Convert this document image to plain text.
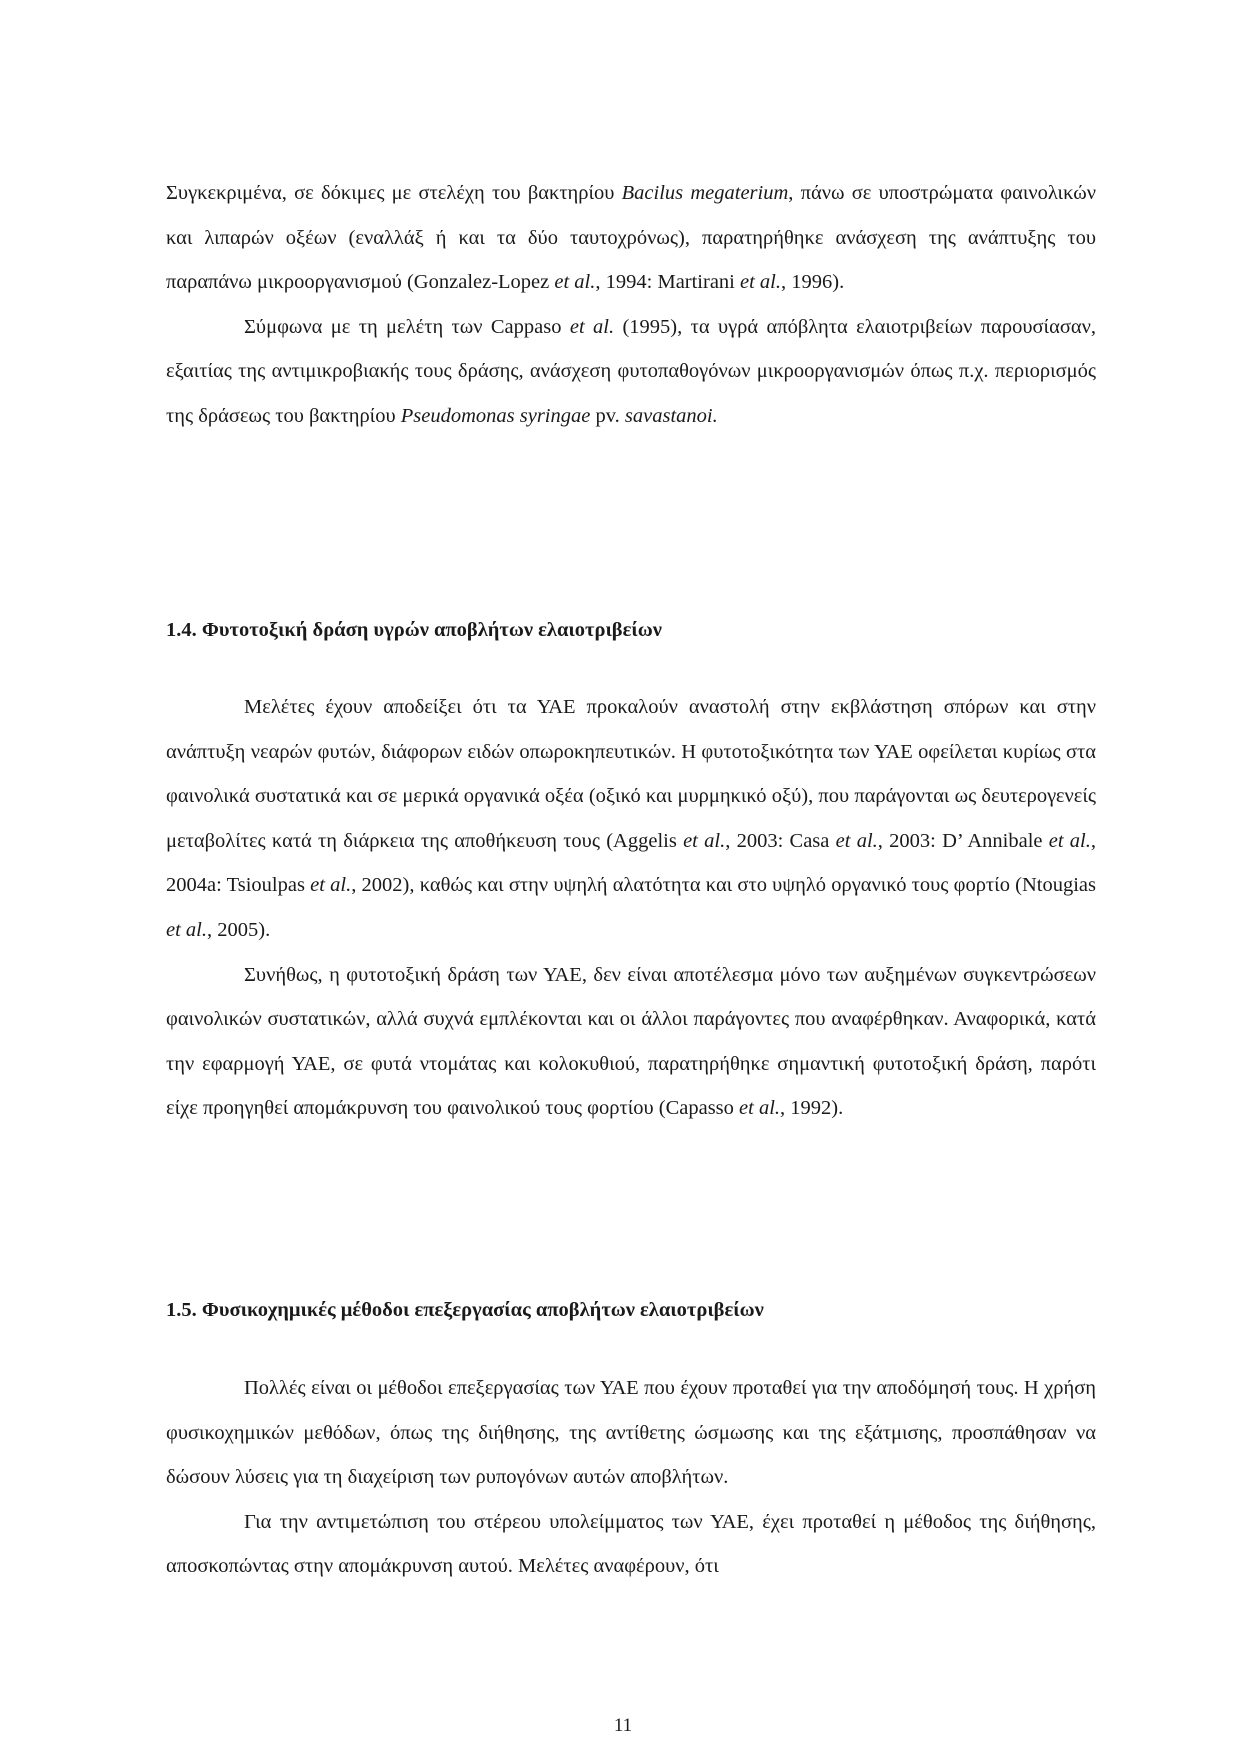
Συγκεκριμένα, σε δόκιμες με στελέχη του βακτηρίου Bacilus megaterium, πάνω σε υποστρώματα φαινολικών και λιπαρών οξέων (εναλλάξ ή και τα δύο ταυτοχρόνως), παρατηρήθηκε ανάσχεση της ανάπτυξης του παραπάνω μικροοργανισμού (Gonzalez-Lopez et al., 1994: Martirani et al., 1996).

Σύμφωνα με τη μελέτη των Cappaso et al. (1995), τα υγρά απόβλητα ελαιοτριβείων παρουσίασαν, εξαιτίας της αντιμικροβιακής τους δράσης, ανάσχεση φυτοπαθογόνων μικροοργανισμών όπως π.χ. περιορισμός της δράσεως του βακτηρίου Pseudomonas syringae pv. savastanoi.

1.4. Φυτοτοξική δράση υγρών αποβλήτων ελαιοτριβείων

Μελέτες έχουν αποδείξει ότι τα ΥΑΕ προκαλούν αναστολή στην εκβλάστηση σπόρων και στην ανάπτυξη νεαρών φυτών, διάφορων ειδών οπωροκηπευτικών. Η φυτοτοξικότητα των ΥΑΕ οφείλεται κυρίως στα φαινολικά συστατικά και σε μερικά οργανικά οξέα (οξικό και μυρμηκικό οξύ), που παράγονται ως δευτερογενείς μεταβολίτες κατά τη διάρκεια της αποθήκευση τους (Aggelis et al., 2003: Casa et al., 2003: D’ Annibale et al., 2004a: Tsioulpas et al., 2002), καθώς και στην υψηλή αλατότητα και στο υψηλό οργανικό τους φορτίο (Ntougias et al., 2005).

Συνήθως, η φυτοτοξική δράση των ΥΑΕ, δεν είναι αποτέλεσμα μόνο των αυξημένων συγκεντρώσεων φαινολικών συστατικών, αλλά συχνά εμπλέκονται και οι άλλοι παράγοντες που αναφέρθηκαν. Αναφορικά, κατά την εφαρμογή ΥΑΕ, σε φυτά ντομάτας και κολοκυθιού, παρατηρήθηκε σημαντική φυτοτοξική δράση, παρότι είχε προηγηθεί απομάκρυνση του φαινολικού τους φορτίου (Capasso et al., 1992).

1.5. Φυσικοχημικές μέθοδοι επεξεργασίας αποβλήτων ελαιοτριβείων

Πολλές είναι οι μέθοδοι επεξεργασίας των ΥΑΕ που έχουν προταθεί για την αποδόμησή τους. Η χρήση φυσικοχημικών μεθόδων, όπως της διήθησης, της αντίθετης ώσμωσης και της εξάτμισης, προσπάθησαν να δώσουν λύσεις για τη διαχείριση των ρυπογόνων αυτών αποβλήτων.

Για την αντιμετώπιση του στέρεου υπολείμματος των ΥΑΕ, έχει προταθεί η μέθοδος της διήθησης, αποσκοπώντας στην απομάκρυνση αυτού. Μελέτες αναφέρουν, ότι

11
